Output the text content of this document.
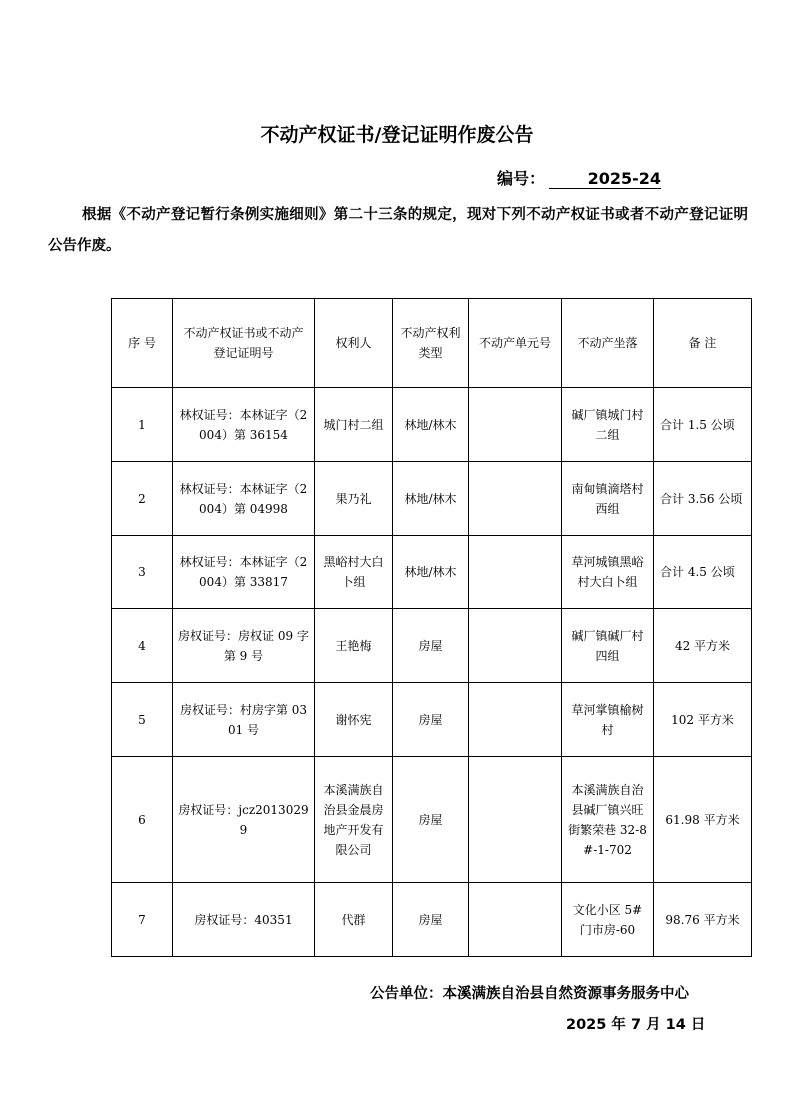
不动产权证书/登记证明作废公告
编号：	2025-24
根据《不动产登记暂行条例实施细则》第二十三条的规定，现对下列不动产权证书或者不动产登记证明公告作废。
序 号	不动产权证书或不动产登记证明号	权利人	不动产权利类型	不动产单元号	不动产坐落	备 注
1	林权证号：本林证字（2004）第 36154	城门村二组	林地/林木		碱厂镇城门村二组	合计 1.5 公顷
2	林权证号：本林证字（2004）第 04998	果乃礼	林地/林木		南甸镇滴塔村西组	合计 3.56 公顷
3	林权证号：本林证字（2004）第 33817	黑峪村大白卜组	林地/林木		草河城镇黑峪村大白卜组	合计 4.5 公顷
4	房权证号：房权证 09 字第 9 号	王艳梅	房屋		碱厂镇碱厂村四组	42 平方米
5	房权证号：村房字第 0301 号	谢怀宪	房屋		草河掌镇榆树村	102 平方米
6	房权证号：jcz20130299	本溪满族自治县金晨房地产开发有限公司	房屋		本溪满族自治县碱厂镇兴旺街繁荣巷 32-8#-1-702	61.98 平方米
7	房权证号：40351	代群	房屋		文化小区 5#门市房-60	98.76 平方米
公告单位：本溪满族自治县自然资源事务服务中心
2025 年 7 月 14 日
